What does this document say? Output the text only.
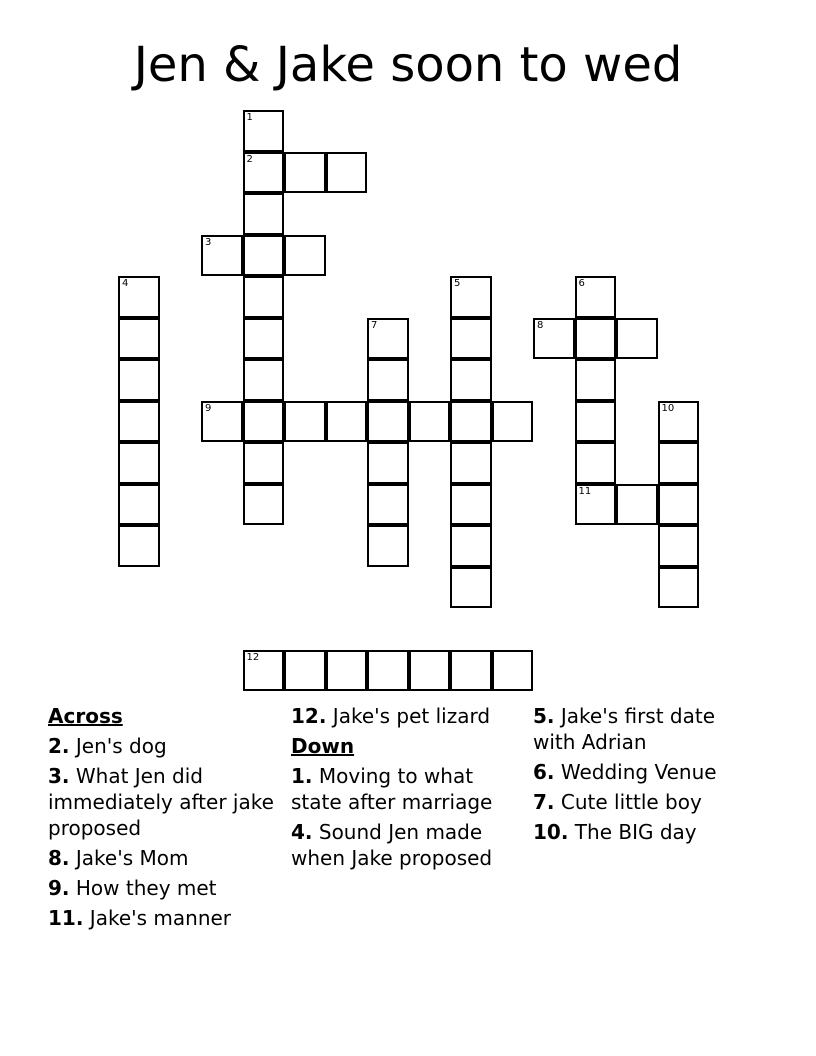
Jen & Jake soon to wed
1
2
3
4	5	6
11
7	8
9	10
12
Across
2. Jen's dog
3. What Jen did immediately after jake proposed
8. Jake's Mom
9. How they met
11. Jake's manner
12. Jake's pet lizard
Down
1. Moving to what state after marriage
4. Sound Jen made when Jake proposed
5. Jake's first date with Adrian
6. Wedding Venue
7. Cute little boy
10. The BIG day
